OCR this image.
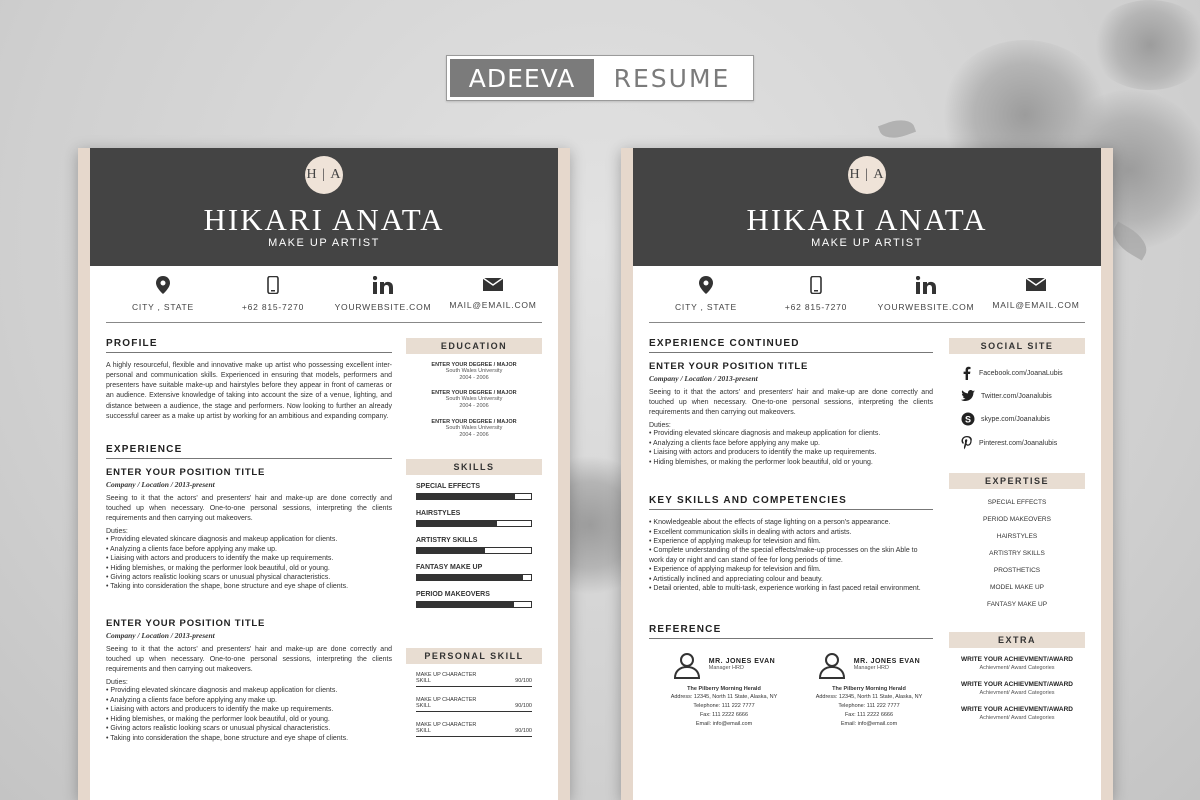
ADEEVA	RESUME
H | A
HIKARI ANATA
MAKE UP ARTIST
CITY , STATE	+62 815-7270	YOURWEBSITE.COM	MAIL@EMAIL.COM
PROFILE
A highly resourceful, flexible and innovative make up artist who possessing excellent inter-personal and communication skills. Experienced in ensuring that models, performers and presenters have suitable make-up and hairstyles before they appear in front of cameras or an audience. Extensive knowledge of taking into account the size of a venue, lighting, and distance between a audience, the stage and performers. Now looking to further an already successful career as a make up artist by working for an ambitious and expanding company.
EXPERIENCE
ENTER YOUR POSITION TITLE
Company / Location / 2013-present
Seeing to it that the actors' and presenters' hair and make-up are done correctly and touched up when necessary. One-to-one personal sessions, interpreting the clients requirements and then carrying out makeovers.
Duties:
• Providing elevated skincare diagnosis and makeup application for clients.
• Analyzing a clients face before applying any make up.
• Liaising with actors and producers to identify the make up requirements.
• Hiding blemishes, or making the performer look beautiful, old or young.
• Giving actors realistic looking scars or unusual physical characteristics.
• Taking into consideration the shape, bone structure and eye shape of clients.
ENTER YOUR POSITION TITLE
Company / Location / 2013-present
Seeing to it that the actors' and presenters' hair and make-up are done correctly and touched up when necessary. One-to-one personal sessions, interpreting the clients requirements and then carrying out makeovers.
Duties:
• Providing elevated skincare diagnosis and makeup application for clients.
• Analyzing a clients face before applying any make up.
• Liaising with actors and producers to identify the make up requirements.
• Hiding blemishes, or making the performer look beautiful, old or young.
• Giving actors realistic looking scars or unusual physical characteristics.
• Taking into consideration the shape, bone structure and eye shape of clients.
EDUCATION
ENTER YOUR DEGREE / MAJOR
South Wales University
2004 - 2006
ENTER YOUR DEGREE / MAJOR
South Wales University
2004 - 2006
ENTER YOUR DEGREE / MAJOR
South Wales University
2004 - 2006
SKILLS
SPECIAL EFFECTS
HAIRSTYLES
ARTISTRY SKILLS
FANTASY MAKE UP
PERIOD MAKEOVERS
PERSONAL SKILL
MAKE UP CHARACTER SKILL	90/100
MAKE UP CHARACTER SKILL	90/100
MAKE UP CHARACTER SKILL	90/100
H | A
HIKARI ANATA
MAKE UP ARTIST
CITY , STATE	+62 815-7270	YOURWEBSITE.COM	MAIL@EMAIL.COM
EXPERIENCE CONTINUED
ENTER YOUR POSITION TITLE
Company / Location / 2013-present
Seeing to it that the actors' and presenters' hair and make-up are done correctly and touched up when necessary. One-to-one personal sessions, interpreting the clients requirements and then carrying out makeovers.
Duties:
• Providing elevated skincare diagnosis and makeup application for clients.
• Analyzing a clients face before applying any make up.
• Liaising with actors and producers to identify the make up requirements.
• Hiding blemishes, or making the performer look beautiful, old or young.
KEY SKILLS AND COMPETENCIES
• Knowledgeable about the effects of stage lighting on a person's appearance.
• Excellent communication skills in dealing with actors and artists.
• Experience of applying makeup for television and film.
• Complete understanding of the special effects/make-up processes on the skin Able to work day or night and can stand of fee for long periods of time.
• Experience of applying makeup for television and film.
• Artistically inclined and appreciating colour and beauty.
• Detail oriented, able to multi-task, experience working in fast paced retail environment.
REFERENCE
MR. JONES EVAN
Manager HRD
The Pilberry Morning Herald
Address: 12345, North 11 State, Alaska, NY
Telephone: 111 222 7777
Fax: 111 2222 6666
Email: info@email.com
MR. JONES EVAN
Manager HRD
The Pilberry Morning Herald
Address: 12345, North 11 State, Alaska, NY
Telephone: 111 222 7777
Fax: 111 2222 6666
Email: info@email.com
SOCIAL SITE
Facebook.com/JoanaLubis
Twitter.com/Joanalubis
S skype.com/Joanalubis
Pinterest.com/Joanalubis
EXPERTISE
SPECIAL EFFECTS
PERIOD MAKEOVERS
HAIRSTYLES
ARTISTRY SKILLS
PROSTHETICS
MODEL MAKE UP
FANTASY MAKE UP
EXTRA
WRITE YOUR ACHIEVMENT/AWARD
Achievment/ Award Categories
WRITE YOUR ACHIEVMENT/AWARD
Achievment/ Award Categories
WRITE YOUR ACHIEVMENT/AWARD
Achievment/ Award Categories
